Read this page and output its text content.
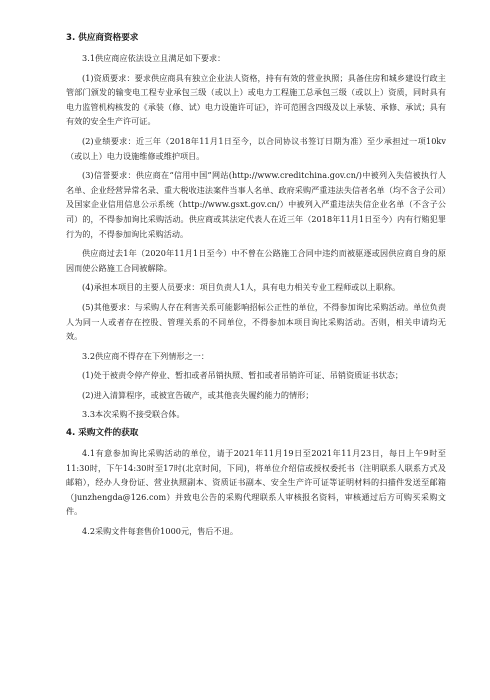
3. 供应商资格要求
3.1供应商应依法设立且满足如下要求：
(1)资质要求：要求供应商具有独立企业法人资格，持有有效的营业执照；具备住房和城乡建设行政主管部门颁发的输变电工程专业承包三级（或以上）或电力工程施工总承包三级（或以上）资质，同时具有电力监管机构核发的《承装（修、试）电力设施许可证》，许可范围含四级及以上承装、承修、承试；具有有效的安全生产许可证。
(2)业绩要求：近三年（2018年11月1日至今，以合同协议书签订日期为准）至少承担过一项10kv（或以上）电力设施维修或维护项目。
(3)信誉要求：供应商在“信用中国”网站(http://www.creditchina.gov.cn/)中被列入失信被执行人名单、企业经营异常名录、重大税收违法案件当事人名单、政府采购严重违法失信者名单（均不含子公司）及国家企业信用信息公示系统（http://www.gsxt.gov.cn/）中被列入严重违法失信企业名单（不含子公司）的，不得参加询比采购活动。供应商或其法定代表人在近三年（2018年11月1日至今）内有行贿犯罪行为的，不得参加询比采购活动。
供应商过去1年（2020年11月1日至今）中不曾在公路施工合同中违约而被驱逐或因供应商自身的原因而使公路施工合同被解除。
(4)承担本项目的主要人员要求：项目负责人1人，具有电力相关专业工程师或以上职称。
(5)其他要求：与采购人存在利害关系可能影响招标公正性的单位，不得参加询比采购活动。单位负责人为同一人或者存在控股、管理关系的不同单位，不得参加本项目询比采购活动。否则，相关申请均无效。
3.2供应商不得存在下列情形之一：
(1)处于被责令停产停业、暂扣或者吊销执照、暂扣或者吊销许可证、吊销资质证书状态；
(2)进入清算程序，或被宣告破产，或其他丧失履约能力的情形；
3.3本次采购不接受联合体。
4. 采购文件的获取
4.1有意参加询比采购活动的单位，请于2021年11月19日至2021年11月23日，每日上午9时至11:30时，下午14:30时至17时(北京时间，下同)，将单位介绍信或授权委托书（注明联系人联系方式及邮箱），经办人身份证、营业执照副本、资质证书副本、安全生产许可证等证明材料的扫描件发送至邮箱（junzhengda@126.com）并致电公告的采购代理联系人审核报名资料，审核通过后方可购买采购文件。
4.2采购文件每套售价1000元，售后不退。
